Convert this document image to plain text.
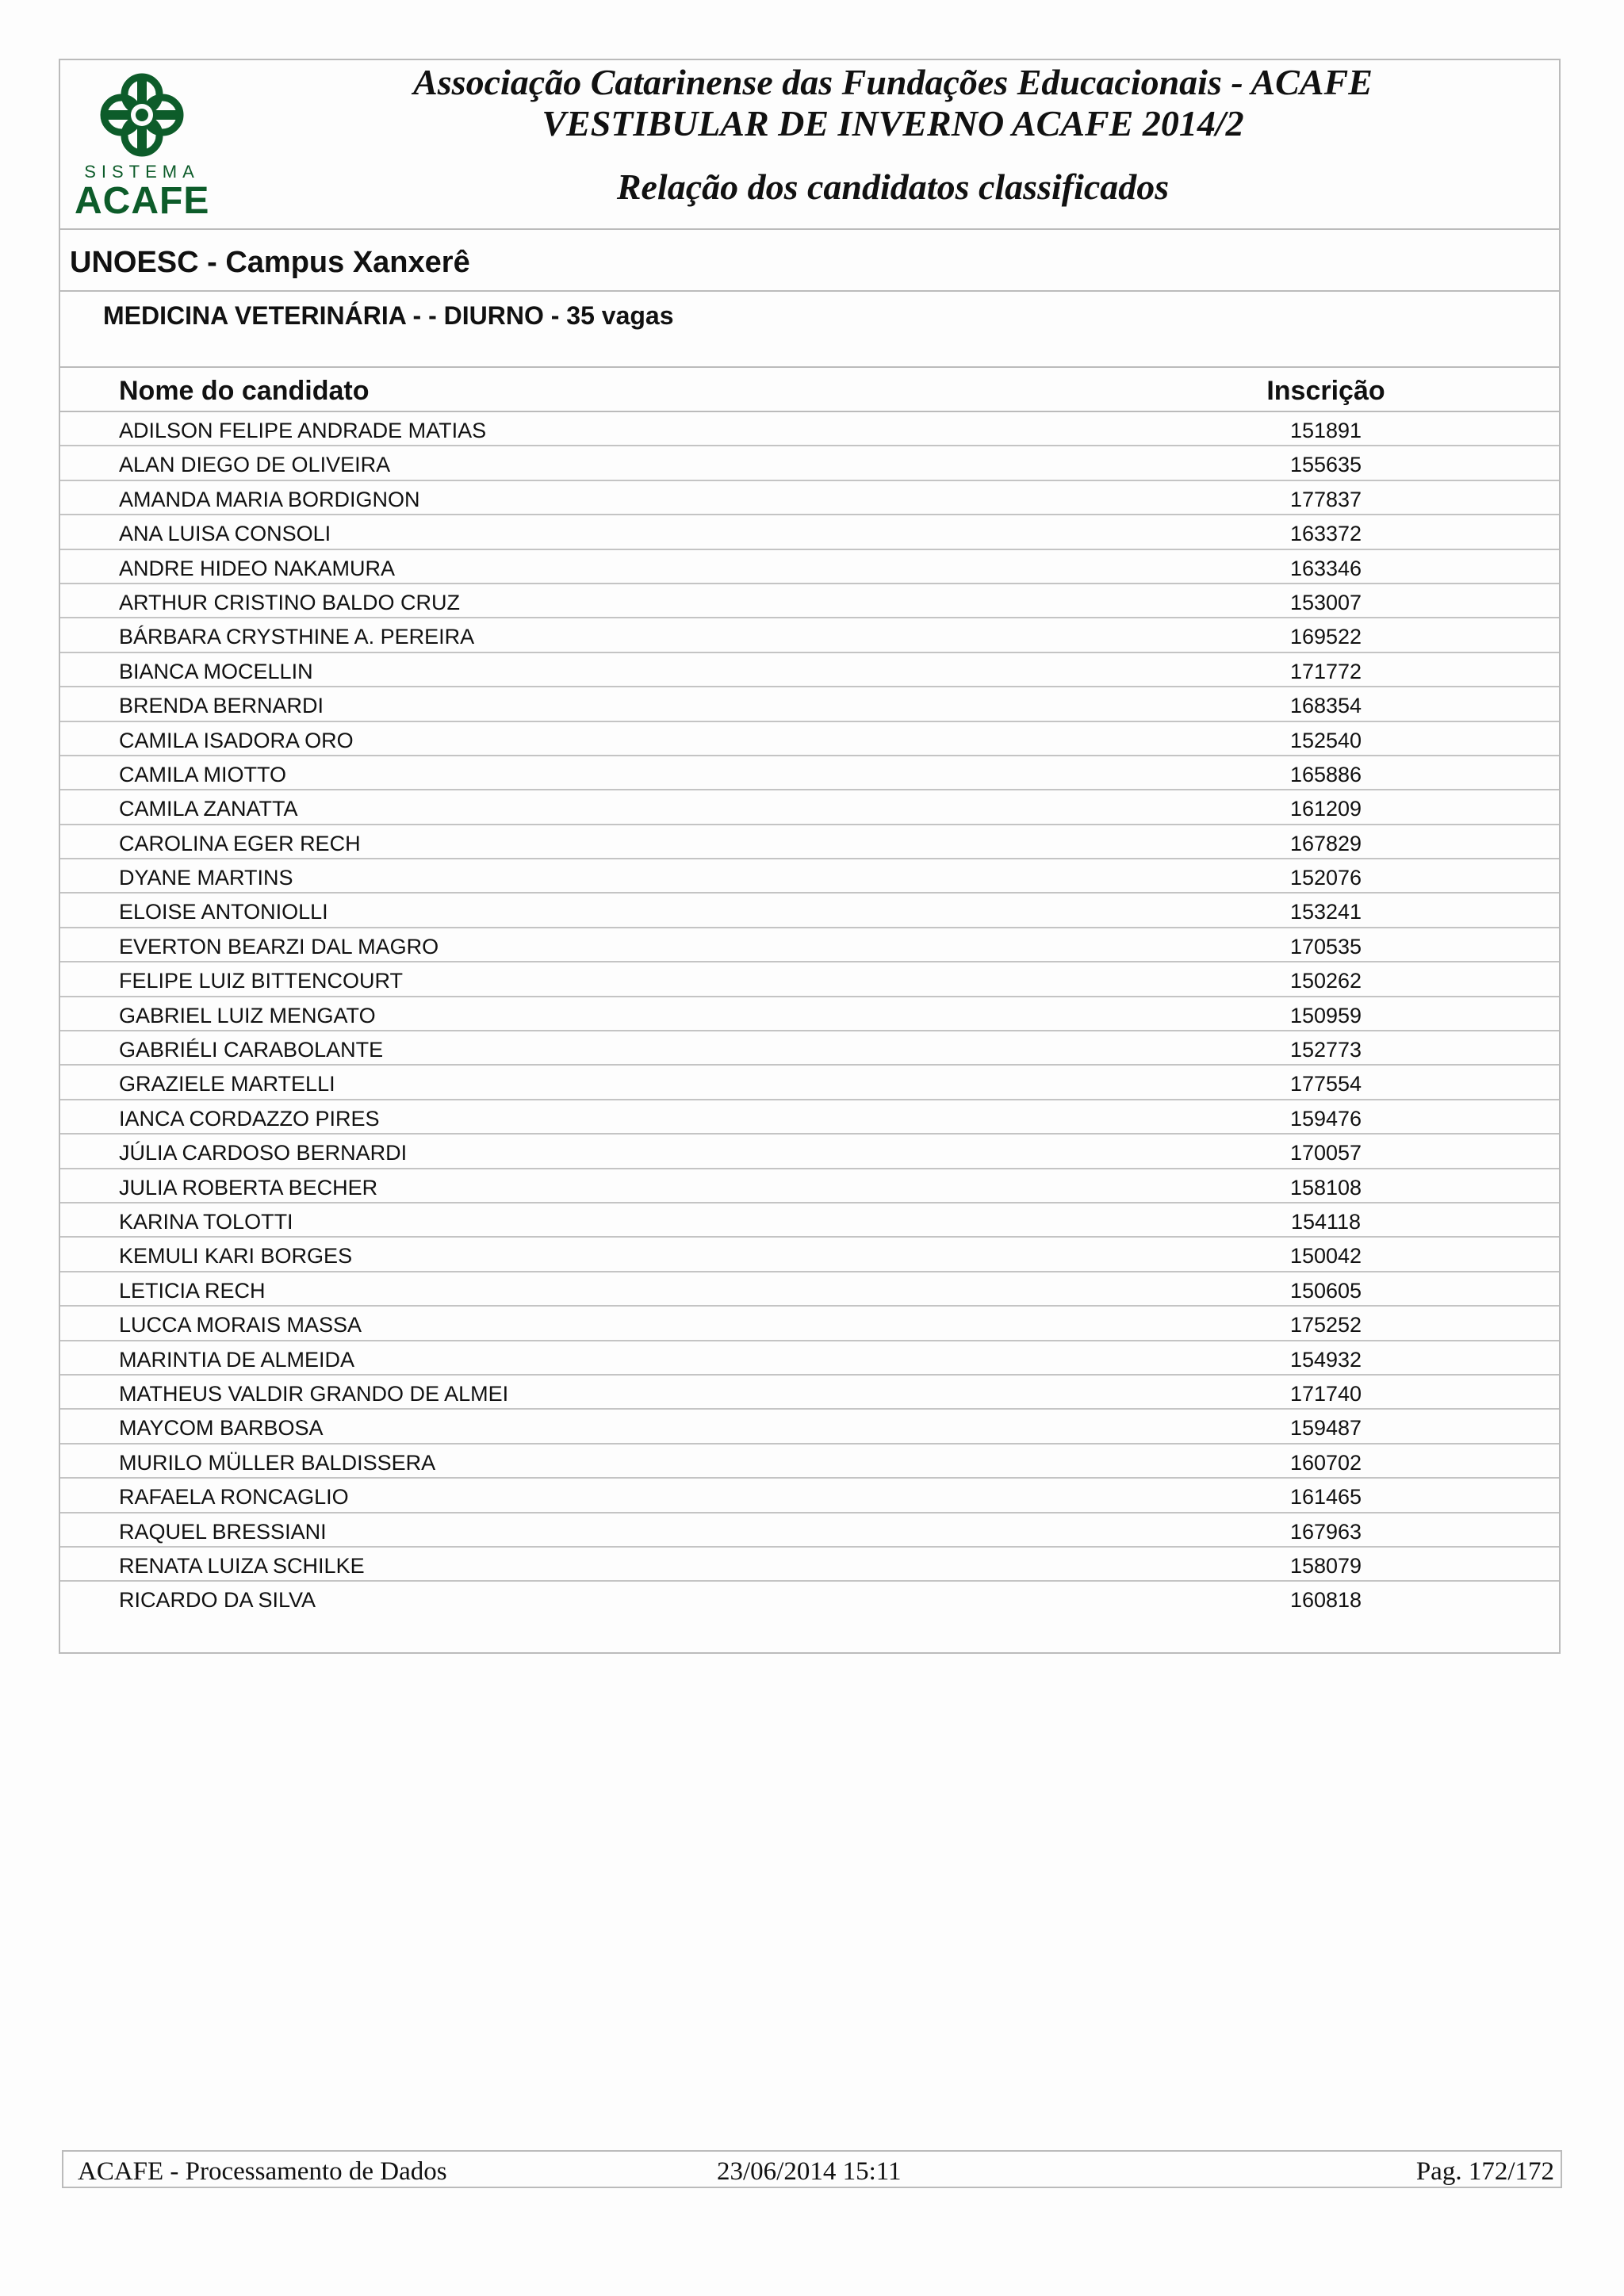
SISTEMA
ACAFE
Associação Catarinense das Fundações Educacionais - ACAFE
VESTIBULAR DE INVERNO ACAFE 2014/2
Relação dos candidatos classificados
UNOESC - Campus Xanxerê
MEDICINA VETERINÁRIA - - DIURNO - 35 vagas
Nome do candidato	Inscrição
ADILSON FELIPE ANDRADE MATIAS	151891
ALAN DIEGO DE OLIVEIRA	155635
AMANDA MARIA BORDIGNON	177837
ANA LUISA CONSOLI	163372
ANDRE HIDEO NAKAMURA	163346
ARTHUR CRISTINO BALDO CRUZ	153007
BÁRBARA CRYSTHINE A. PEREIRA	169522
BIANCA MOCELLIN	171772
BRENDA BERNARDI	168354
CAMILA ISADORA ORO	152540
CAMILA MIOTTO	165886
CAMILA ZANATTA	161209
CAROLINA EGER RECH	167829
DYANE MARTINS	152076
ELOISE ANTONIOLLI	153241
EVERTON BEARZI DAL MAGRO	170535
FELIPE LUIZ BITTENCOURT	150262
GABRIEL LUIZ MENGATO	150959
GABRIÉLI CARABOLANTE	152773
GRAZIELE MARTELLI	177554
IANCA CORDAZZO PIRES	159476
JÚLIA CARDOSO BERNARDI	170057
JULIA ROBERTA BECHER	158108
KARINA TOLOTTI	154118
KEMULI KARI BORGES	150042
LETICIA RECH	150605
LUCCA MORAIS MASSA	175252
MARINTIA DE ALMEIDA	154932
MATHEUS VALDIR GRANDO DE ALMEI	171740
MAYCOM BARBOSA	159487
MURILO MÜLLER BALDISSERA	160702
RAFAELA RONCAGLIO	161465
RAQUEL BRESSIANI	167963
RENATA LUIZA SCHILKE	158079
RICARDO DA SILVA	160818
ACAFE - Processamento de Dados	23/06/2014 15:11	Pag. 172/172
